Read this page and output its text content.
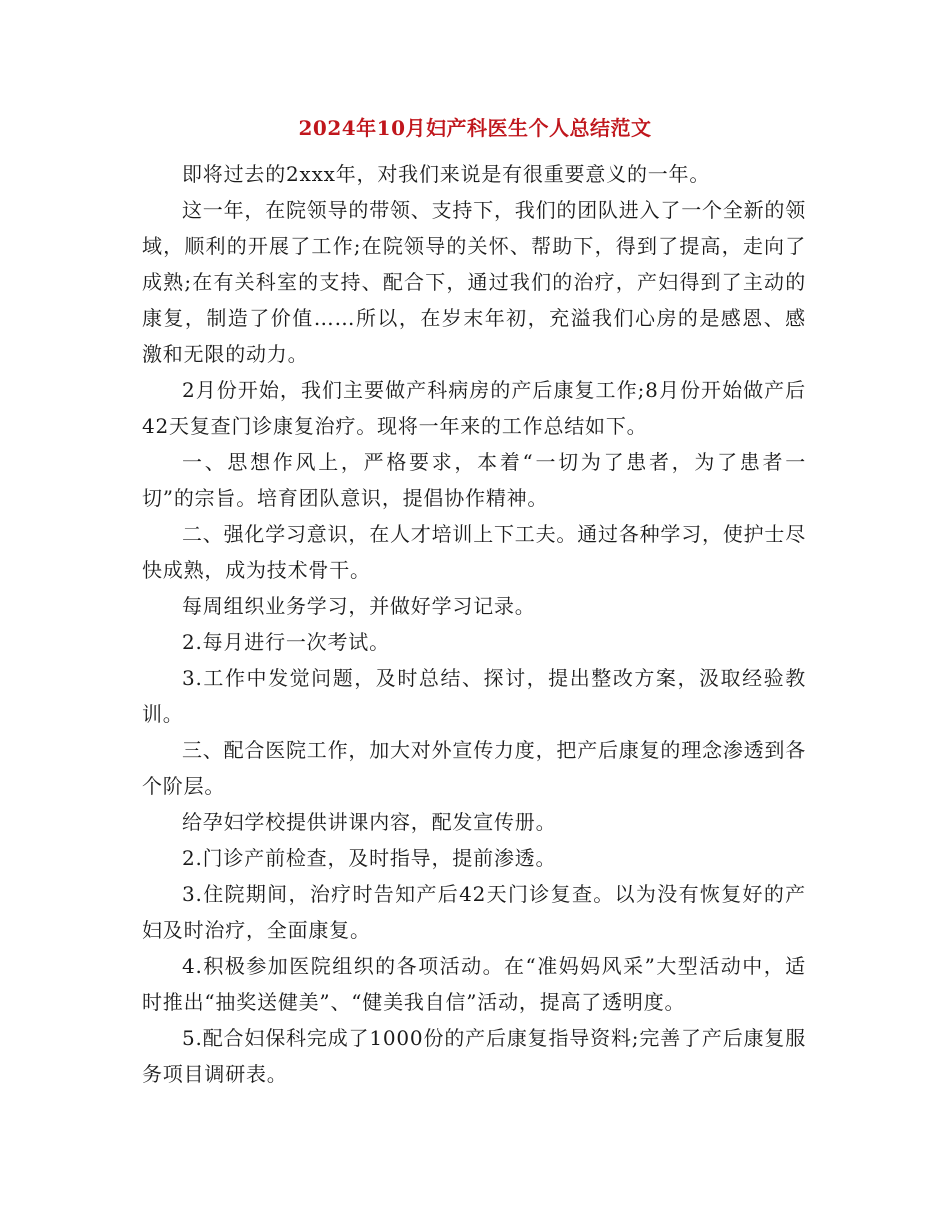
2024年10月妇产科医生个人总结范文

即将过去的2xxx年，对我们来说是有很重要意义的一年。

这一年，在院领导的带领、支持下，我们的团队进入了一个全新的领域，顺利的开展了工作;在院领导的关怀、帮助下，得到了提高，走向了成熟;在有关科室的支持、配合下，通过我们的治疗，产妇得到了主动的康复，制造了价值……所以，在岁末年初，充溢我们心房的是感恩、感激和无限的动力。

2月份开始，我们主要做产科病房的产后康复工作;8月份开始做产后42天复查门诊康复治疗。现将一年来的工作总结如下。

一、思想作风上，严格要求，本着“一切为了患者，为了患者一切”的宗旨。培育团队意识，提倡协作精神。

二、强化学习意识，在人才培训上下工夫。通过各种学习，使护士尽快成熟，成为技术骨干。

每周组织业务学习，并做好学习记录。

2.每月进行一次考试。

3.工作中发觉问题，及时总结、探讨，提出整改方案，汲取经验教训。

三、配合医院工作，加大对外宣传力度，把产后康复的理念渗透到各个阶层。

给孕妇学校提供讲课内容，配发宣传册。

2.门诊产前检查，及时指导，提前渗透。

3.住院期间，治疗时告知产后42天门诊复查。以为没有恢复好的产妇及时治疗，全面康复。

4.积极参加医院组织的各项活动。在“准妈妈风采”大型活动中，适时推出“抽奖送健美”、“健美我自信”活动，提高了透明度。

5.配合妇保科完成了1000份的产后康复指导资料;完善了产后康复服务项目调研表。
